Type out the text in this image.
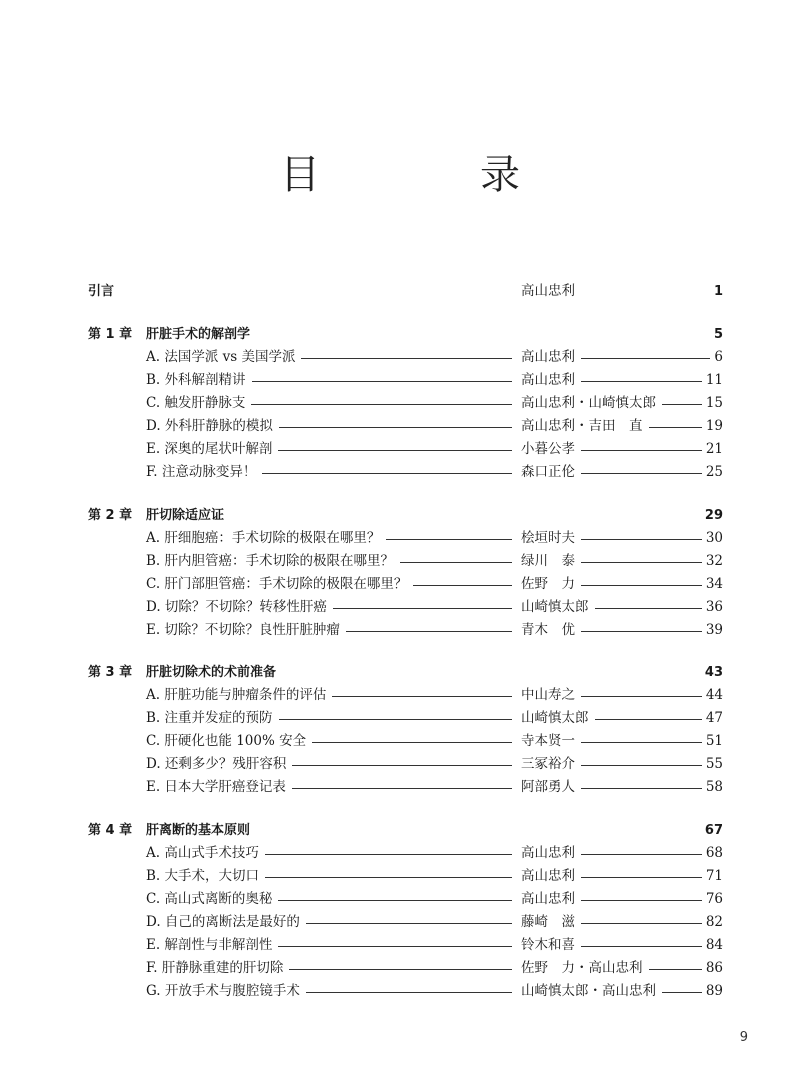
目　录
引言	高山忠利	1
第 1 章 肝脏手术的解剖学	5
A. 法国学派 vs 美国学派	高山忠利	6
B. 外科解剖精讲	高山忠利	11
C. 触发肝静脉支	高山忠利・山崎慎太郎	15
D. 外科肝静脉的模拟	高山忠利・吉田　直	19
E. 深奥的尾状叶解剖	小暮公孝	21
F. 注意动脉变异！	森口正伦	25
第 2 章 肝切除适应证	29
A. 肝细胞癌：手术切除的极限在哪里？	桧垣时夫	30
B. 肝内胆管癌：手术切除的极限在哪里？	绿川　泰	32
C. 肝门部胆管癌：手术切除的极限在哪里？	佐野　力	34
D. 切除？不切除？转移性肝癌	山崎慎太郎	36
E. 切除？不切除？良性肝脏肿瘤	青木　优	39
第 3 章 肝脏切除术的术前准备	43
A. 肝脏功能与肿瘤条件的评估	中山寿之	44
B. 注重并发症的预防	山崎慎太郎	47
C. 肝硬化也能 100% 安全	寺本贤一	51
D. 还剩多少？残肝容积	三冢裕介	55
E. 日本大学肝癌登记表	阿部勇人	58
第 4 章 肝离断的基本原则	67
A. 高山式手术技巧	高山忠利	68
B. 大手术，大切口	高山忠利	71
C. 高山式离断的奥秘	高山忠利	76
D. 自己的离断法是最好的	藤崎　滋	82
E. 解剖性与非解剖性	铃木和喜	84
F. 肝静脉重建的肝切除	佐野　力・高山忠利	86
G. 开放手术与腹腔镜手术	山崎慎太郎・高山忠利	89
9
